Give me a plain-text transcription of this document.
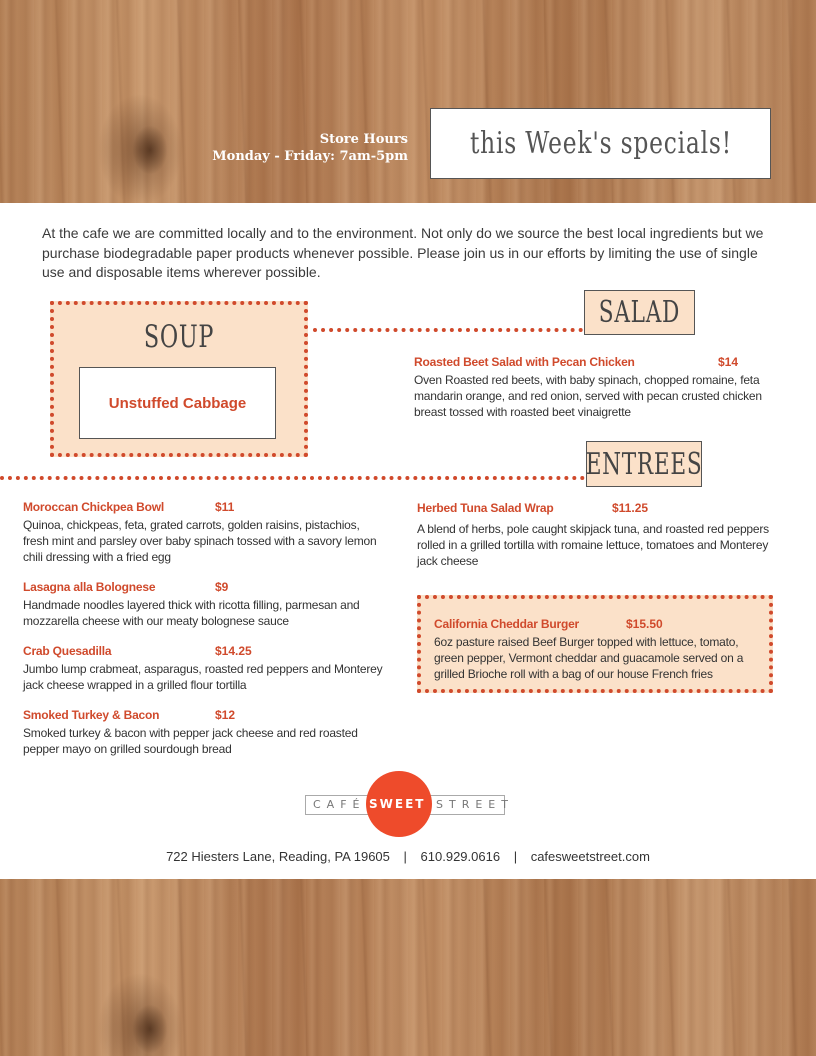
Store Hours
Monday - Friday: 7am-5pm this Week's specials!

At the cafe we are committed locally and to the environment. Not only do we source the best local ingredients but we purchase biodegradable paper products whenever possible. Please join us in our efforts by limiting the use of single use and disposable items wherever possible.

SOUP
Unstuffed Cabbage
SALAD
Roasted Beet Salad with Pecan Chicken	$14

Oven Roasted red beets, with baby spinach, chopped romaine, feta mandarin orange, and red onion, served with pecan crusted chicken breast tossed with roasted beet vinaigrette

ENTREES
Moroccan Chickpea Bowl	$11

Quinoa, chickpeas, feta, grated carrots, golden raisins, pistachios, fresh mint and parsley over baby spinach tossed with a savory lemon chili dressing with a fried egg

Lasagna alla Bolognese	$9

Handmade noodles layered thick with ricotta filling, parmesan and mozzarella cheese with our meaty bolognese sauce

Crab Quesadilla	$14.25

Jumbo lump crabmeat, asparagus, roasted red peppers and Monterey jack cheese wrapped in a grilled flour tortilla

Smoked Turkey & Bacon	$12

Smoked turkey & bacon with pepper jack cheese and red roasted pepper mayo on grilled sourdough bread

Herbed Tuna Salad Wrap	$11.25

A blend of herbs, pole caught skipjack tuna, and roasted red peppers rolled in a grilled tortilla with romaine lettuce, tomatoes and Monterey jack cheese

California Cheddar Burger	$15.50

6oz pasture raised Beef Burger topped with lettuce, tomato, green pepper, Vermont cheddar and guacamole served on a grilled Brioche roll with a bag of our house French fries

CAFÉ SWEET STREET
722 Hiesters Lane, Reading, PA 19605 | 610.929.0616 | cafesweetstreet.com
